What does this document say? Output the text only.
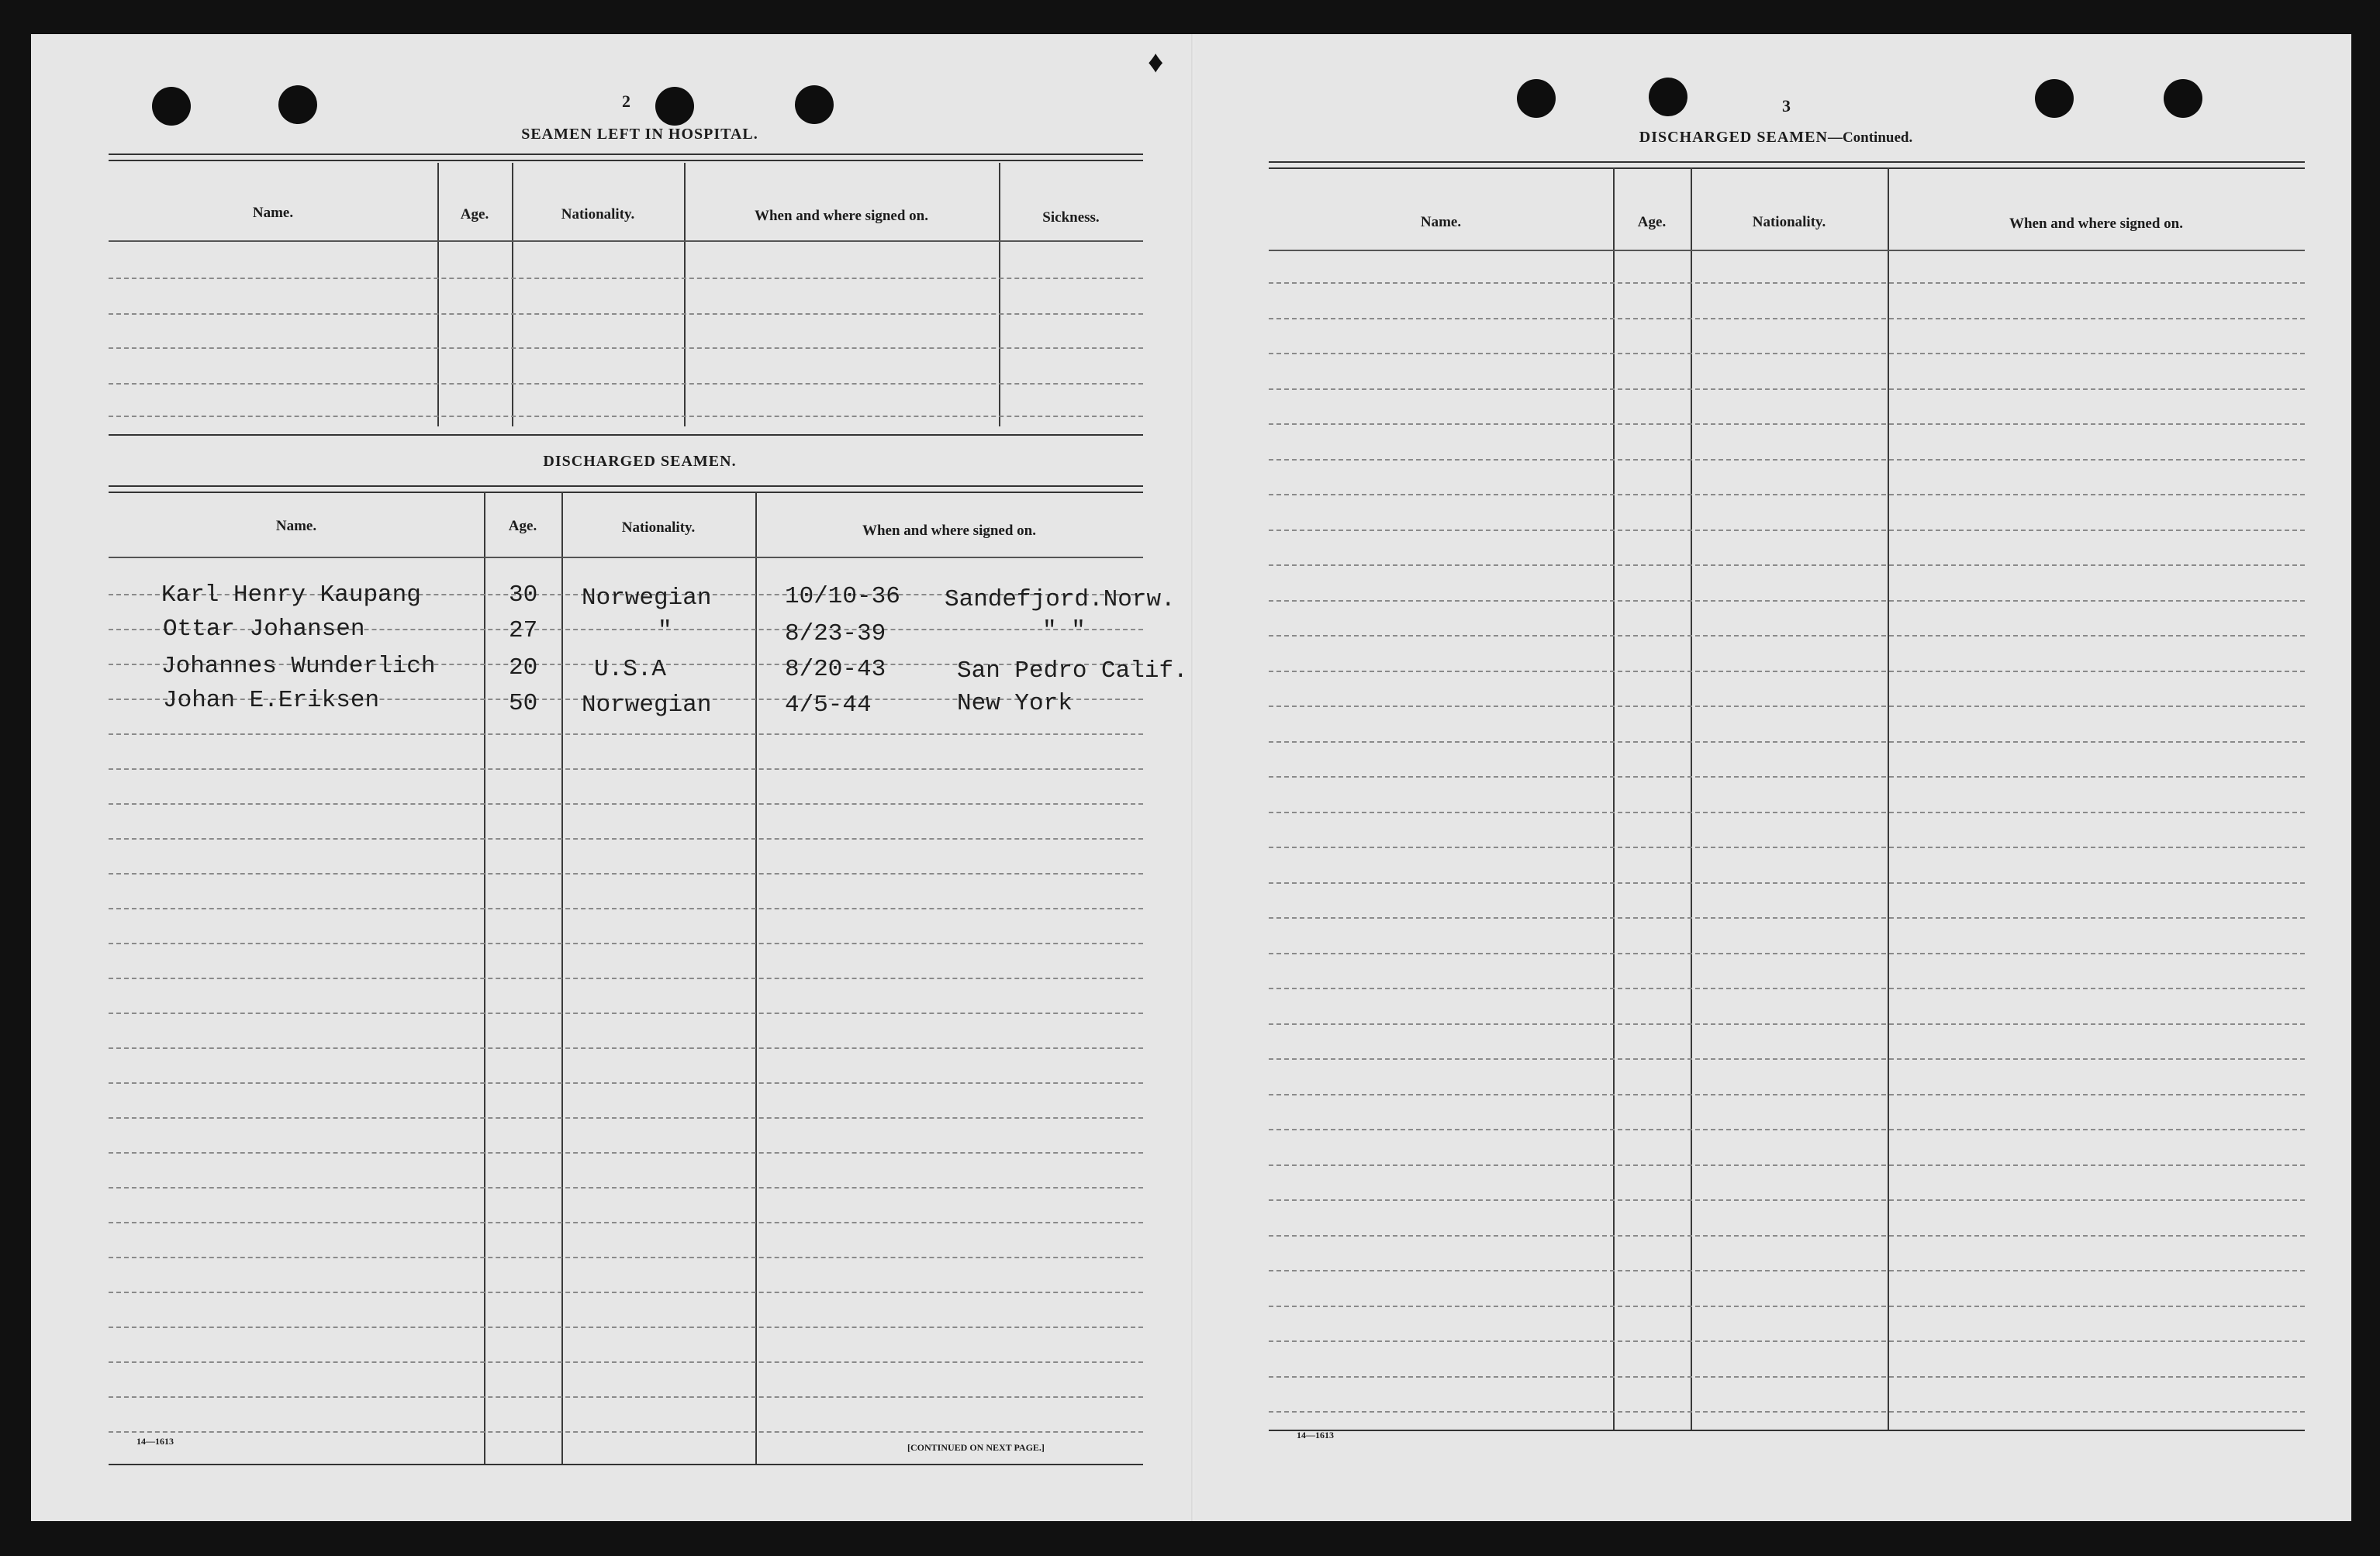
♦
2
SEAMEN LEFT IN HOSPITAL.
Name.	Age.	Nationality.	When and where signed on.	Sickness.
DISCHARGED SEAMEN.
Name.	Age.	Nationality.	When and where signed on.
Karl Henry Kaupang	30 Norwegian	10/10-36 Sandefjord.Norw.
Ottar Johansen	27	"	8/23-39	" "
Johannes Wunderlich	20 U.S.A	8/20-43	San Pedro Calif.
Johan E.Eriksen	50 Norwegian	4/5-44	New York
14—1613
[CONTINUED ON NEXT PAGE.]
3
DISCHARGED SEAMEN—Continued.
Name.	Age.	Nationality.	When and where signed on.
14—1613
